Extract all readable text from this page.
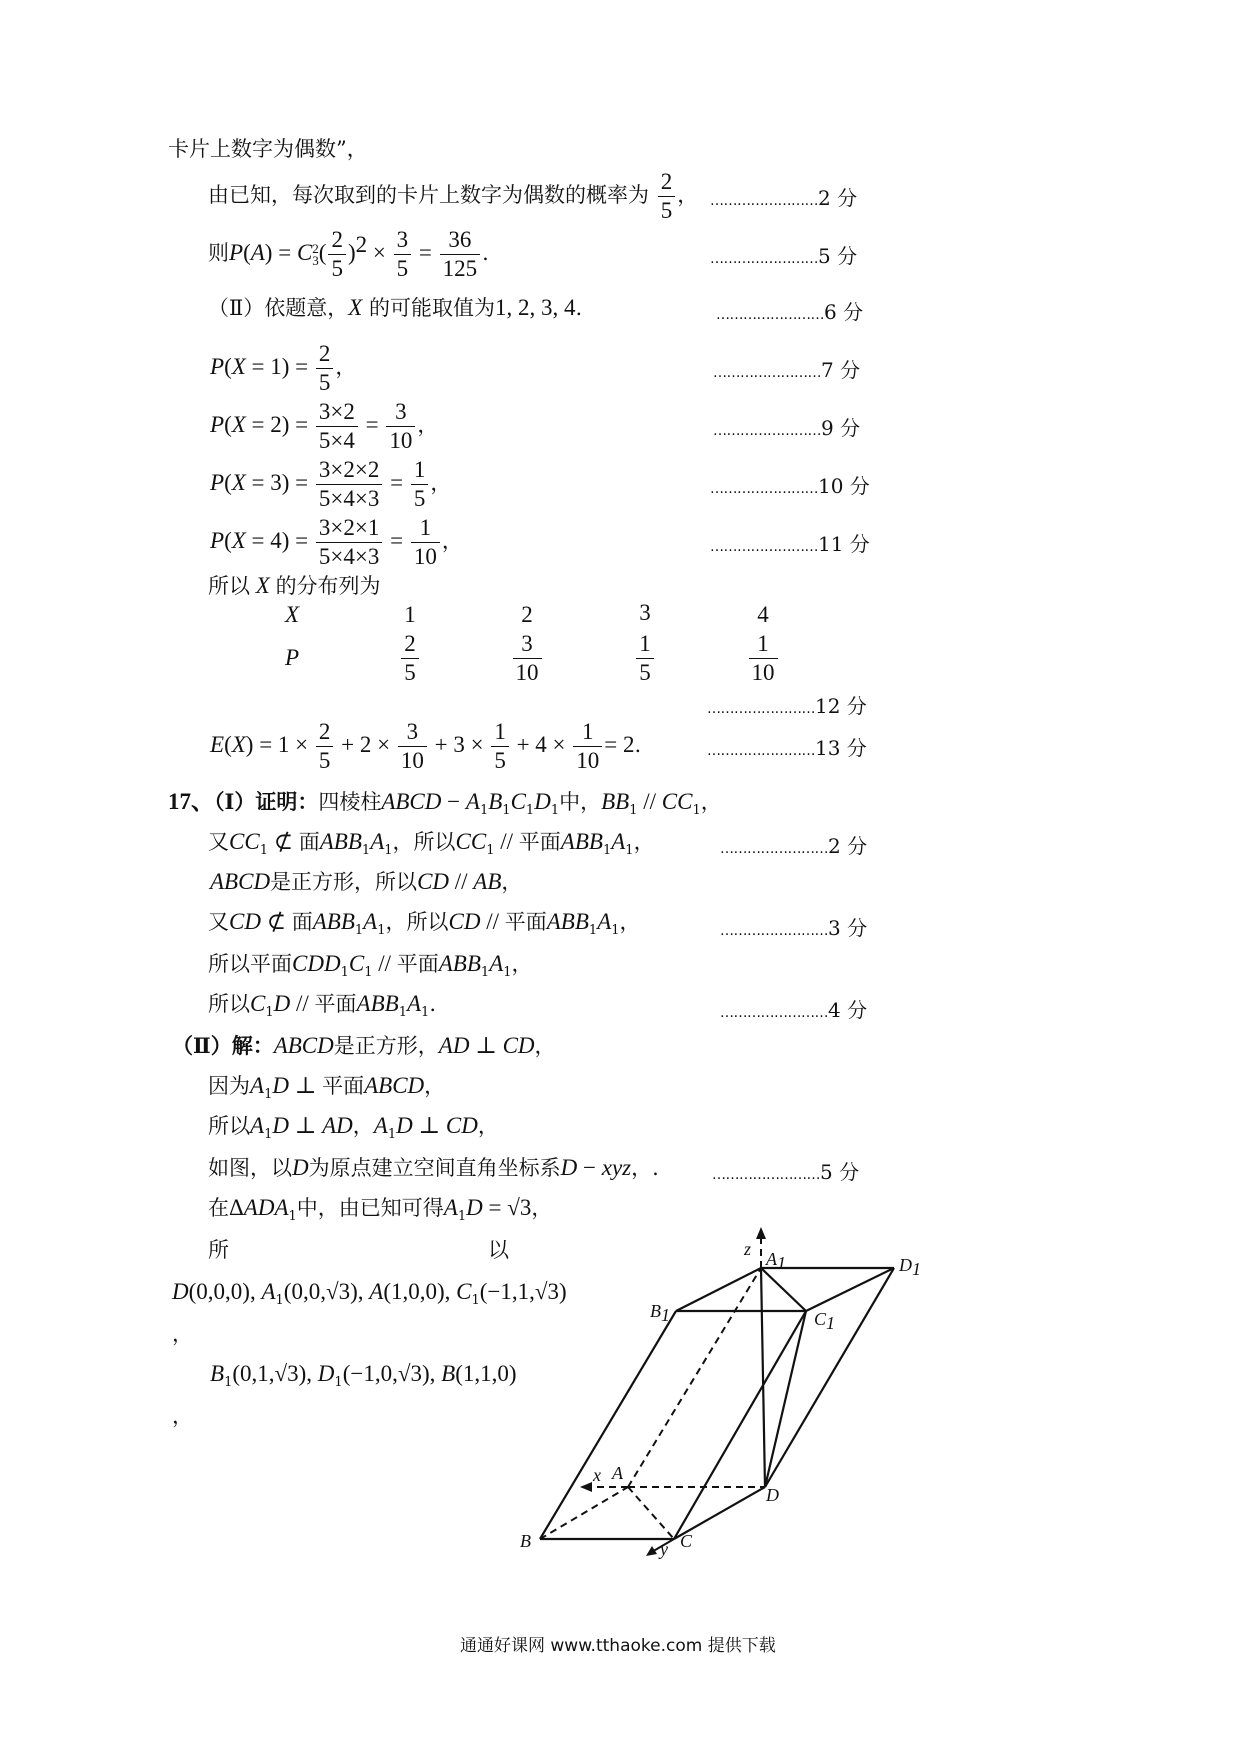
卡片上数字为偶数”，
由已知，每次取到的卡片上数字为偶数的概率为 $\frac{2}{5}$ ， ……………………2 分
则P(A) = C 2
3 ( $\frac{2}{5} )^2 \times \frac{3}{5} = \frac{36}{125}$ .	……………………5 分
（Ⅱ）依题意，X 的可能取值为1, 2, 3, 4.	……………………6 分
$P(X = 1) = \frac{2}{5}$ ，	……………………7 分
$P(X = 2) = \frac{3\times 2}{5\times 4} = \frac{3}{10}$ ，	……………………9 分
$P(X = 3) = \frac{3\times 2\times 2}{5\times 4\times 3} = \frac{1}{5}$ ，	……………………10 分
$P(X = 4) = \frac{3\times 2\times 1}{5\times 4\times 3} = \frac{1}{10}$ ，	……………………11 分
所以 X 的分布列为
X	1	2	3	4
P	$\frac{2}{5}$	$\frac{3}{10}$	$\frac{1}{5}$	$\frac{1}{10}$
……………………12 分
$E(X) = 1 \times \frac{2}{5} + 2 \times \frac{3}{10} + 3 \times \frac{1}{5} + 4 \times \frac{1}{10} = 2$.	……………………13 分
17、（Ⅰ）证明：四棱柱ABCD − $A_1B_1C_1D_1$中，$BB_1 // CC_1$，
又$CC_1$ ⊄ 面$ABB_1A_1$，所以$CC_1$ // 平面$ABB_1A_1$，	……………………2 分
ABCD是正方形，所以CD // AB，
又CD ⊄ 面$ABB_1A_1$，所以CD // 平面$ABB_1A_1$，	……………………3 分
所以平面$CDD_1C_1$ // 平面$ABB_1A_1$，
所以$C_1D$ // 平面$ABB_1A_1$.	……………………4 分
（Ⅱ）解：ABCD是正方形，AD ⊥ CD，
因为$A_1D$ ⊥ 平面ABCD，
所以$A_1D$ ⊥ AD，$A_1D$ ⊥ CD，
如图，以D为原点建立空间直角坐标系D − xyz，.	……………………5 分
在$\Delta ADA_1$中，由已知可得$A_1D = √3$，
所	以
D(0,0,0), $A_1(0,0,√3)$, A(1,0,0), $C_1(-1,1,√3)$
，
$B_1(0,1,√3)$, $D_1(-1,0,√3)$, B(1,1,0)
，
z A1	D1
B1	C1
x A
D
B	C
y
通通好课网 www.tthaoke.com 提供下载
